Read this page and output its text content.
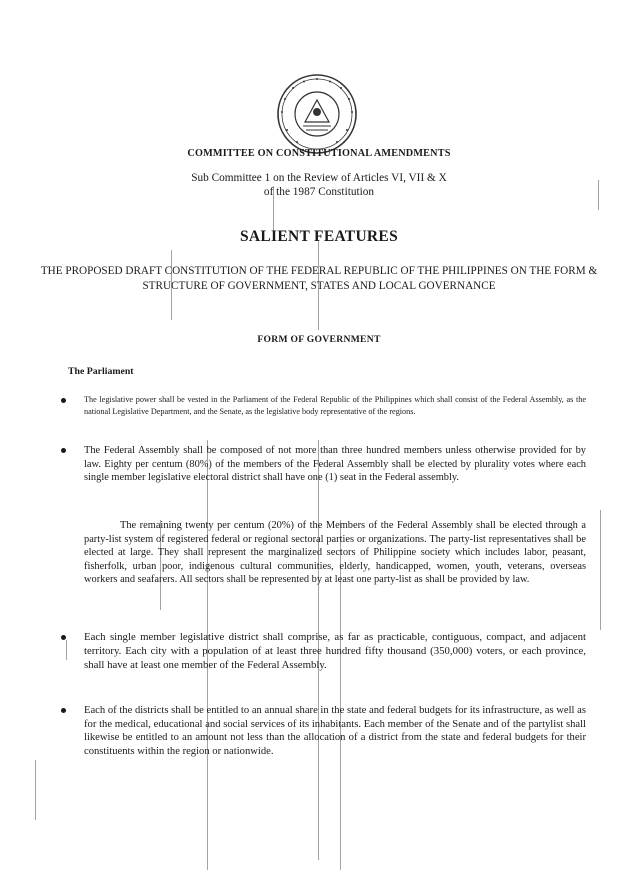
COMMITTEE ON CONSTITUTIONAL AMENDMENTS
Sub Committee 1 on the Review of Articles VI, VII & X
of the 1987 Constitution
SALIENT FEATURES
THE PROPOSED DRAFT CONSTITUTION OF THE FEDERAL REPUBLIC OF THE PHILIPPINES ON THE FORM & STRUCTURE OF GOVERNMENT, STATES AND LOCAL GOVERNANCE
FORM OF GOVERNMENT
The Parliament

The legislative power shall be vested in the Parliament of the Federal Republic of the Philippines which shall consist of the Federal Assembly, as the national Legislative Department, and the Senate, as the legislative body representative of the regions.

The Federal Assembly shall be composed of not more than three hundred members unless otherwise provided for by law. Eighty per centum (80%) of the members of the Federal Assembly shall be elected by plurality votes where each single member legislative electoral district shall have one (1) seat in the Federal assembly.

The remaining twenty per centum (20%) of the Members of the Federal Assembly shall be elected through a party-list system of registered federal or regional sectoral parties or organizations. The party-list representatives shall be elected at large. They shall represent the marginalized sectors of Philippine society which includes labor, peasant, fisherfolk, urban poor, indigenous cultural communities, elderly, handicapped, women, youth, veterans, overseas workers and seafarers. All sectors shall be represented by at least one party-list as shall be provided by law.

Each single member legislative district shall comprise, as far as practicable, contiguous, compact, and adjacent territory. Each city with a population of at least three hundred fifty thousand (350,000) voters, or each province, shall have at least one member of the Federal Assembly.

Each of the districts shall be entitled to an annual share in the state and federal budgets for its infrastructure, as well as for the medical, educational and social services of its inhabitants. Each member of the Senate and of the partylist shall likewise be entitled to an amount not less than the allocation of a district from the state and federal budgets for their constituents within the region or nationwide.
